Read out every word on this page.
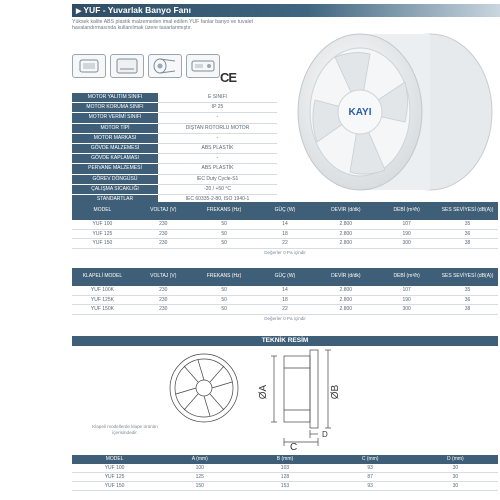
▶ YUF - Yuvarlak Banyo Fanı
Yüksek kalite ABS plastik malzemeden imal edilen YUF fanlar banyo ve tuvalet havalandırmasında kullanılmak üzere tasarlanmıştır.
CE
MOTOR YALITIM SINIFI	E SINIFI
MOTOR KORUMA SINIFI	IP 25
MOTOR VERİMİ SINIFI	-
MOTOR TİPİ	DIŞTAN ROTORLU MOTOR
MOTOR MARKASI	-
GÖVDE MALZEMESİ	ABS PLASTİK
GÖVDE KAPLAMASI	-
PERVANE MALZEMESİ	ABS PLASTİK
GÖREV DÖNGÜSÜ	IEC Duty Cycle-S1
ÇALIŞMA SICAKLIĞI	-20 / +50 °C
STANDARTLAR	IEC 60335-2-80, ISO 1940-1
KAYI
MODEL	VOLTAJ (V)	FREKANS (Hz)	GÜÇ (W)	DEVİR (d/dk)	DEBİ (m³/h)	SES SEVİYESİ (dB(A))
YUF 100	230	50	14	2.800	107	35
YUF 125	230	50	18	2.800	190	36
YUF 150	230	50	22	2.800	300	38
Değerler 0 Pa içindir
KLAPELİ MODEL	VOLTAJ (V)	FREKANS (Hz)	GÜÇ (W)	DEVİR (d/dk)	DEBİ (m³/h)	SES SEVİYESİ (dB(A))
YUF 100K	230	50	14	2.800	107	35
YUF 125K	230	50	18	2.800	190	36
YUF 150K	230	50	22	2.800	300	38
Değerler 0 Pa içindir
TEKNİK RESİM
ØA	ØB
C
D
Klapeli modellerde klape ürünün içerisindedir.
MODEL	A (mm)	B (mm)	C (mm)	D (mm)
YUF 100	100	103	93	30
YUF 125	125	128	87	30
YUF 150	150	153	93	30
